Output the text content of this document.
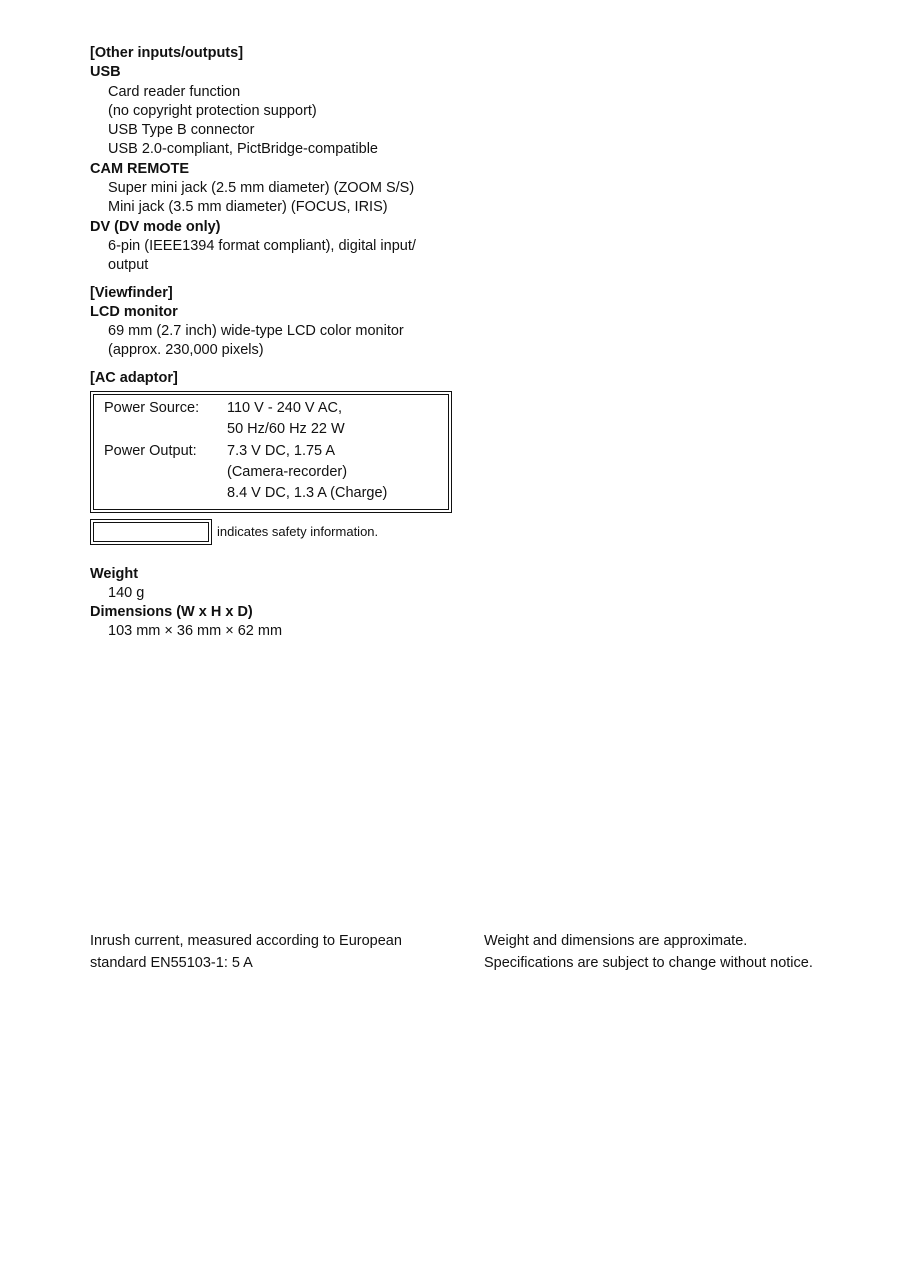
[Other inputs/outputs]

USB

Card reader function

(no copyright protection support)

USB Type B connector

USB 2.0-compliant, PictBridge-compatible

CAM REMOTE

Super mini jack (2.5 mm diameter) (ZOOM S/S)

Mini jack (3.5 mm diameter) (FOCUS, IRIS)

DV (DV mode only)

6-pin (IEEE1394 format compliant), digital input/

output

[Viewfinder]

LCD monitor

69 mm (2.7 inch) wide-type LCD color monitor

(approx. 230,000 pixels)

[AC adaptor]

Power Source:	110 V - 240 V AC,
50 Hz/60 Hz 22 W
Power Output:	7.3 V DC, 1.75 A
(Camera-recorder)
8.4 V DC, 1.3 A (Charge)
indicates safety information.

Weight

140 g

Dimensions (W x H x D)

103 mm × 36 mm × 62 mm

Inrush current, measured according to European
standard EN55103-1: 5 A
Weight and dimensions are approximate.
Specifications are subject to change without notice.
